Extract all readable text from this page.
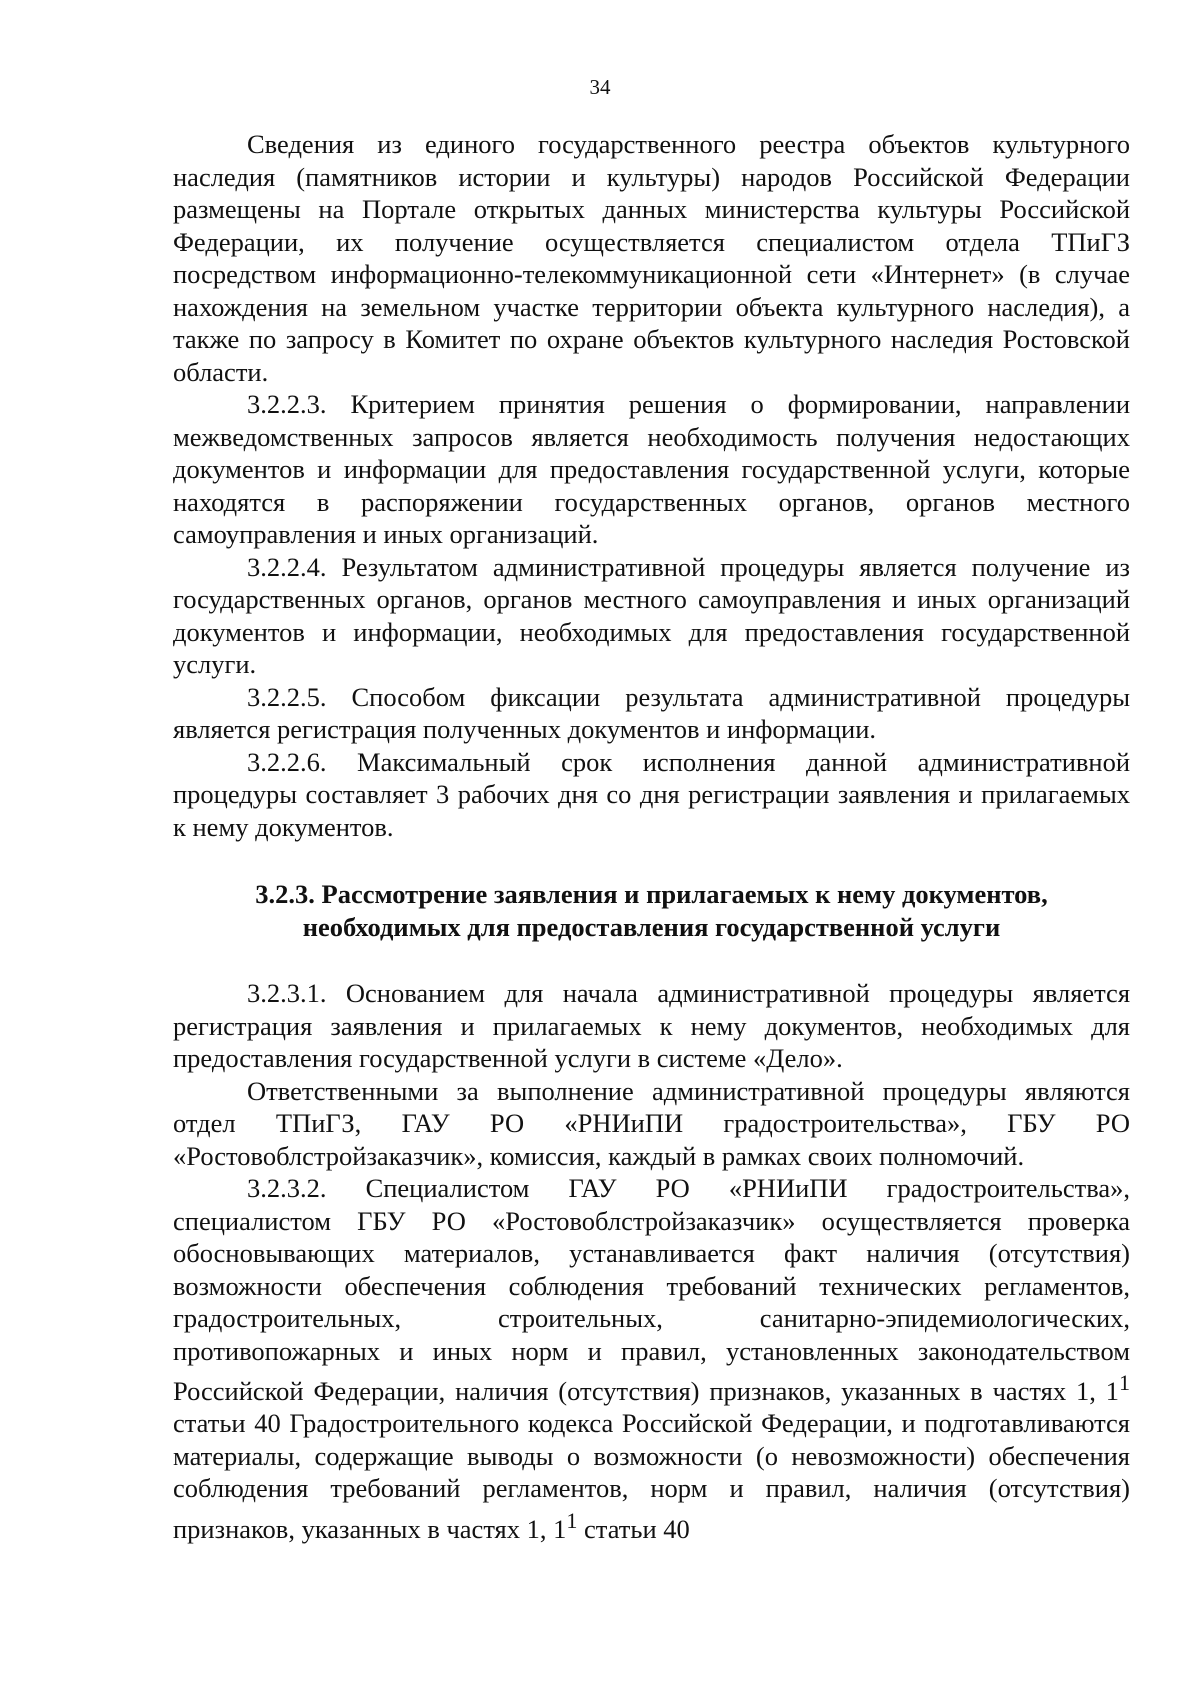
34

Сведения из единого государственного реестра объектов культурного наследия (памятников истории и культуры) народов Российской Федерации размещены на Портале открытых данных министерства культуры Российской Федерации, их получение осуществляется специалистом отдела ТПиГЗ посредством информационно-телекоммуникационной сети «Интернет» (в случае нахождения на земельном участке территории объекта культурного наследия), а также по запросу в Комитет по охране объектов культурного наследия Ростовской области.

3.2.2.3. Критерием принятия решения о формировании, направлении межведомственных запросов является необходимость получения недостающих документов и информации для предоставления государственной услуги, которые находятся в распоряжении государственных органов, органов местного самоуправления и иных организаций.

3.2.2.4. Результатом административной процедуры является получение из государственных органов, органов местного самоуправления и иных организаций документов и информации, необходимых для предоставления государственной услуги.

3.2.2.5. Способом фиксации результата административной процедуры является регистрация полученных документов и информации.

3.2.2.6. Максимальный срок исполнения данной административной процедуры составляет 3 рабочих дня со дня регистрации заявления и прилагаемых к нему документов.

3.2.3. Рассмотрение заявления и прилагаемых к нему документов,
необходимых для предоставления государственной услуги

3.2.3.1. Основанием для начала административной процедуры является регистрация заявления и прилагаемых к нему документов, необходимых для предоставления государственной услуги в системе «Дело».

Ответственными за выполнение административной процедуры являются отдел ТПиГЗ, ГАУ РО «РНИиПИ градостроительства», ГБУ РО «Ростовоблстройзаказчик», комиссия, каждый в рамках своих полномочий.

3.2.3.2. Специалистом ГАУ РО «РНИиПИ градостроительства», специалистом ГБУ РО «Ростовоблстройзаказчик» осуществляется проверка обосновывающих материалов, устанавливается факт наличия (отсутствия) возможности обеспечения соблюдения требований технических регламентов, градостроительных, строительных, санитарно-эпидемиологических, противопожарных и иных норм и правил, установленных законодательством Российской Федерации, наличия (отсутствия) признаков, указанных в частях 1, $1^1$ статьи 40 Градостроительного кодекса Российской Федерации, и подготавливаются материалы, содержащие выводы о возможности (о невозможности) обеспечения соблюдения требований регламентов, норм и правил, наличия (отсутствия) признаков, указанных в частях 1, $1^1$ статьи 40
